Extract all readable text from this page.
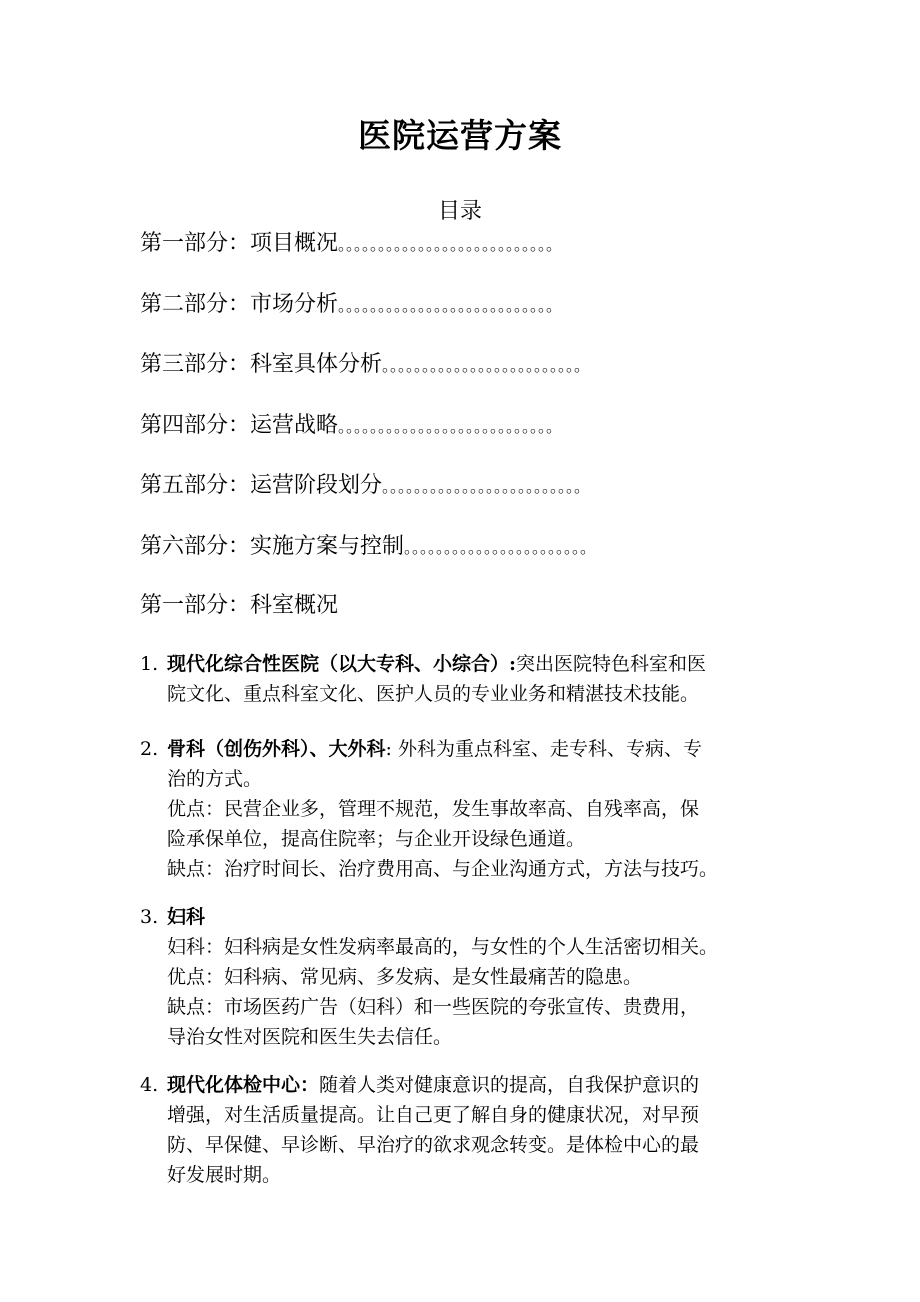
医院运营方案
目录
第一部分：项目概况。。。。。。。。。。。。。。。。。。。。。。。。。。。
第二部分：市场分析。。。。。。。。。。。。。。。。。。。。。。。。。。。
第三部分：科室具体分析。。。。。。。。。。。。。。。。。。。。。。。。。
第四部分：运营战略。。。。。。。。。。。。。。。。。。。。。。。。。。。
第五部分：运营阶段划分。。。。。。。。。。。。。。。。。。。。。。。。。
第六部分：实施方案与控制。。。。。。。。。。。。。。。。。。。。。。。
第一部分：科室概况
1. 现代化综合性医院（以大专科、小综合）:突出医院特色科室和医
院文化、重点科室文化、医护人员的专业业务和精湛技术技能。
2. 骨科（创伤外科）、大外科: 外科为重点科室、走专科、专病、专
治的方式。
优点：民营企业多，管理不规范，发生事故率高、自残率高，保
险承保单位，提高住院率；与企业开设绿色通道。
缺点：治疗时间长、治疗费用高、与企业沟通方式，方法与技巧。
3. 妇科
妇科：妇科病是女性发病率最高的，与女性的个人生活密切相关。
优点：妇科病、常见病、多发病、是女性最痛苦的隐患。
缺点：市场医药广告（妇科）和一些医院的夸张宣传、贵费用，
导治女性对医院和医生失去信任。
4. 现代化体检中心：随着人类对健康意识的提高，自我保护意识的
增强，对生活质量提高。让自己更了解自身的健康状况，对早预
防、早保健、早诊断、早治疗的欲求观念转变。是体检中心的最
好发展时期。
